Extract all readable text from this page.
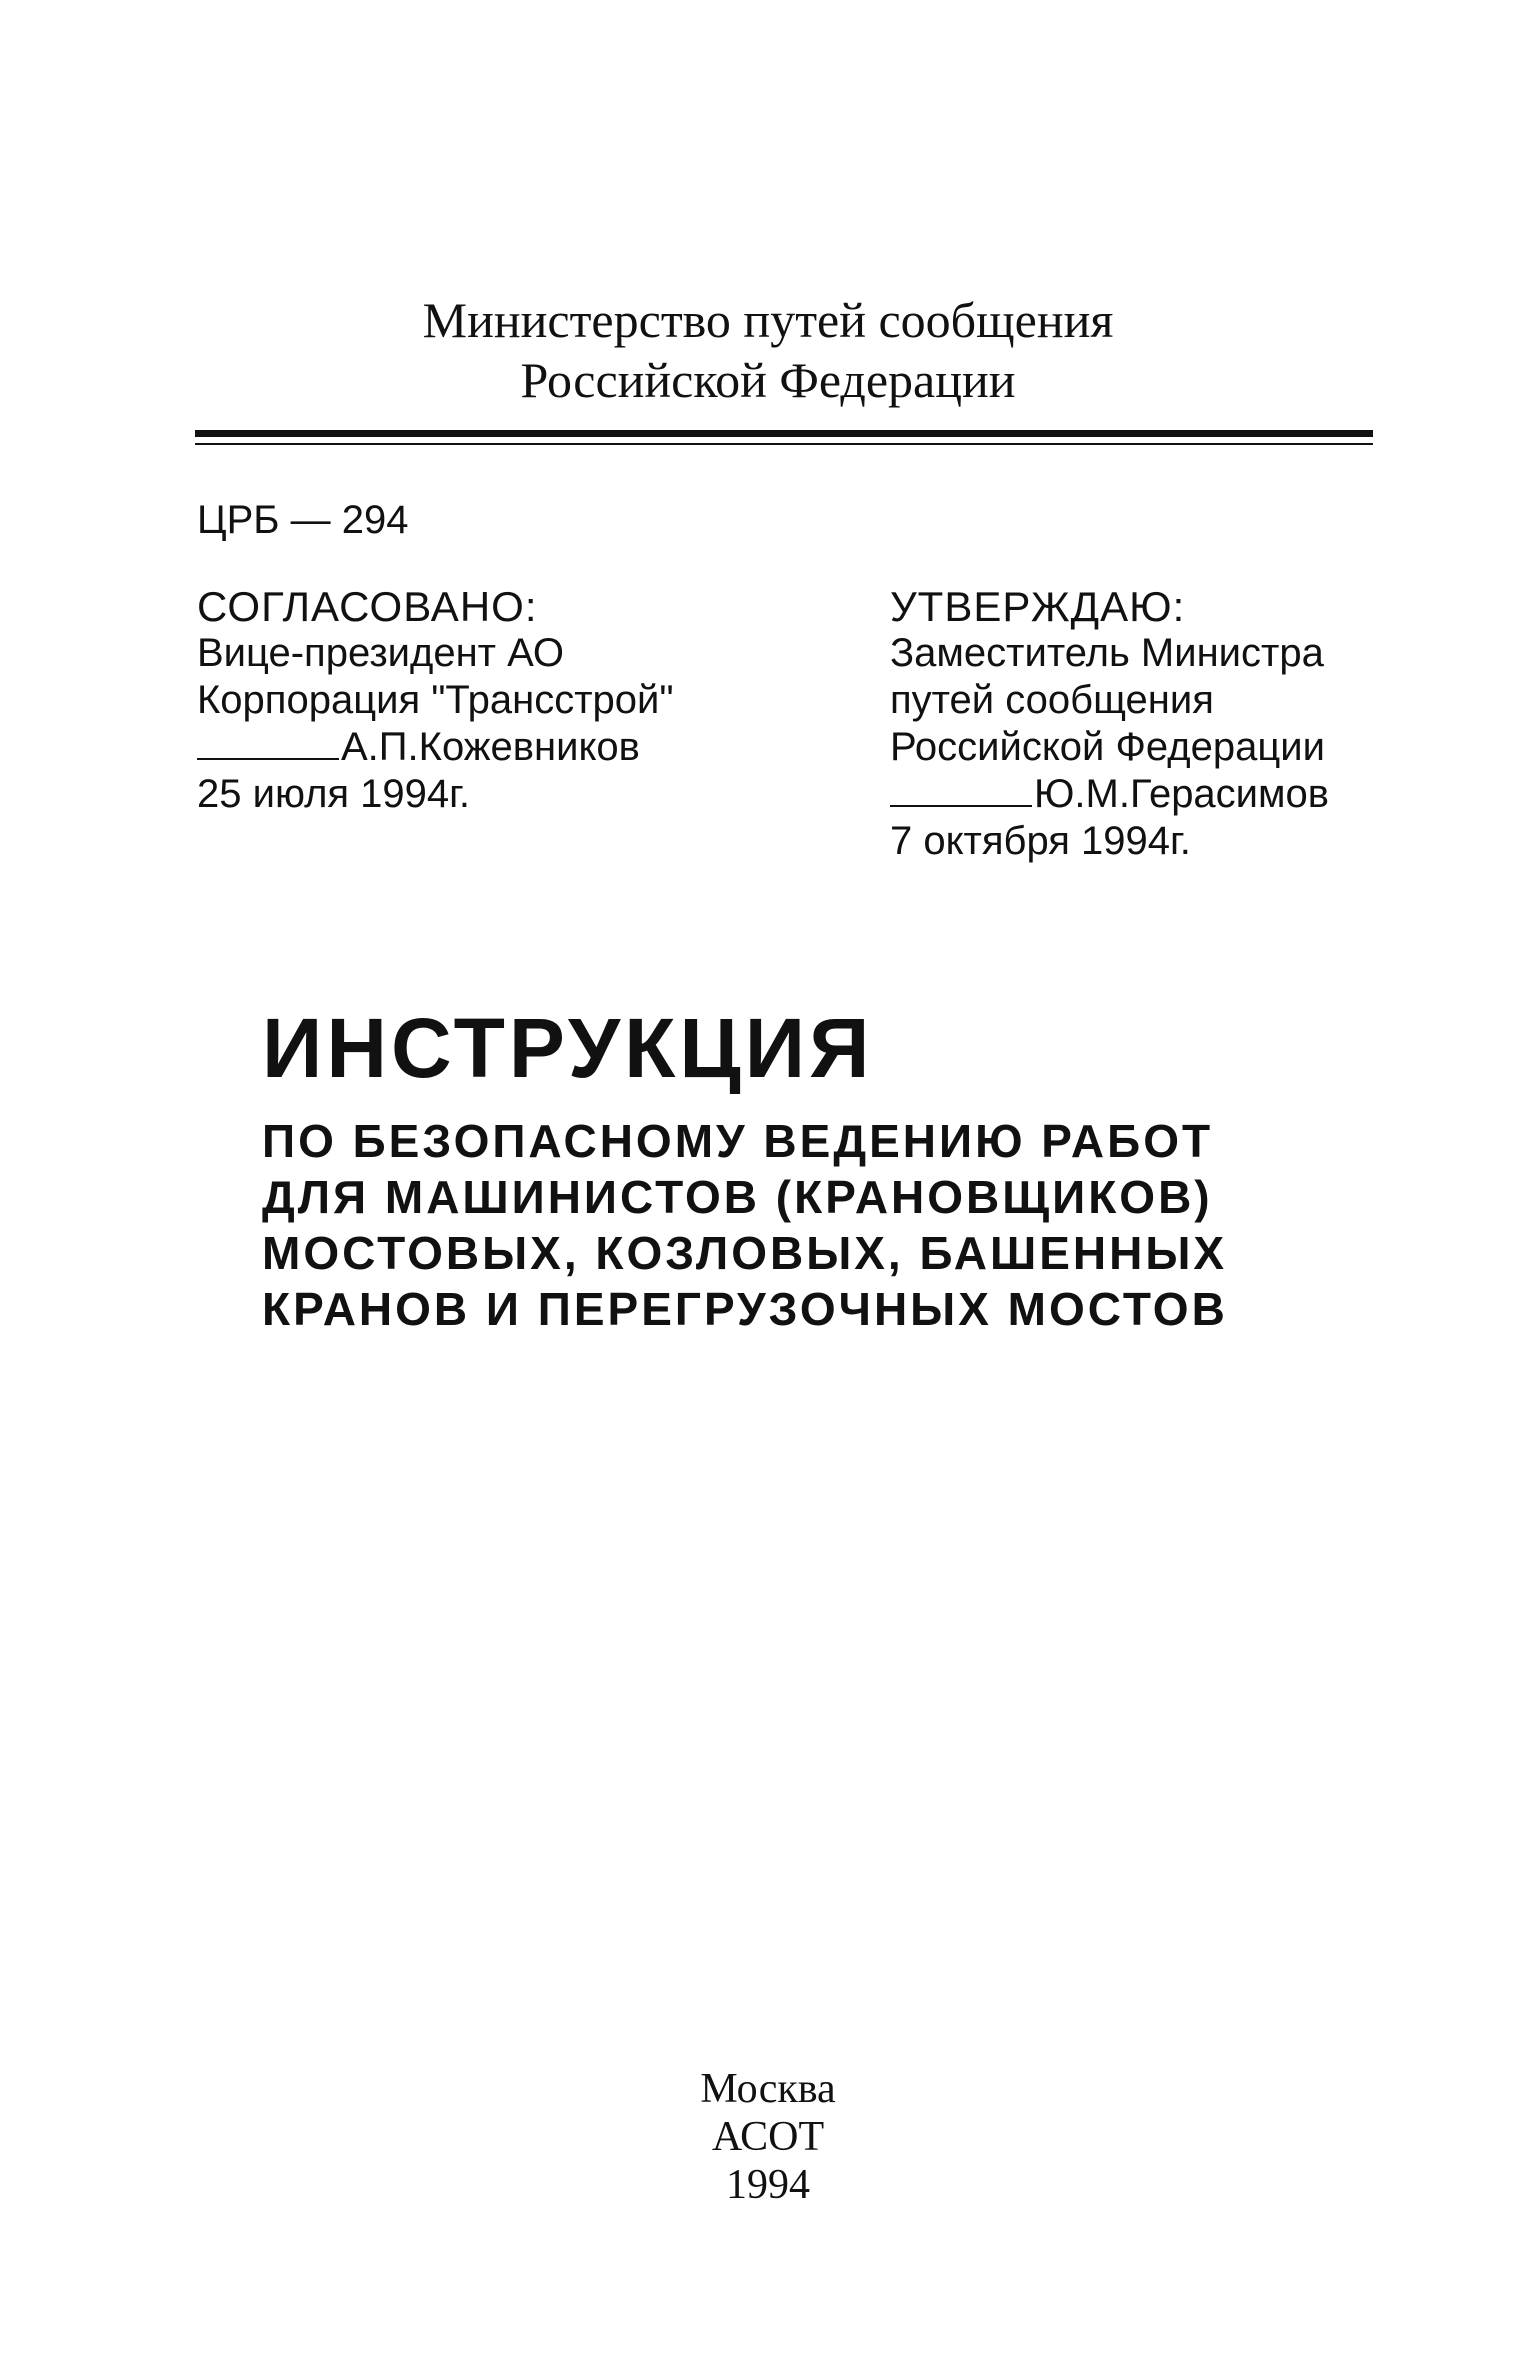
Министерство путей сообщения
Российской Федерации
ЦРБ — 294
СОГЛАСОВАНО:
Вице-президент АО
Корпорация "Трансстрой"
А.П.Кожевников
25 июля 1994г.
УТВЕРЖДАЮ:
Заместитель Министра
путей сообщения
Российской Федерации
Ю.М.Герасимов
7 октября 1994г.
ИНСТРУКЦИЯ
ПО БЕЗОПАСНОМУ ВЕДЕНИЮ РАБОТ
ДЛЯ МАШИНИСТОВ (КРАНОВЩИКОВ)
МОСТОВЫХ, КОЗЛОВЫХ, БАШЕННЫХ
КРАНОВ И ПЕРЕГРУЗОЧНЫХ МОСТОВ
Москва
АСОТ
1994
